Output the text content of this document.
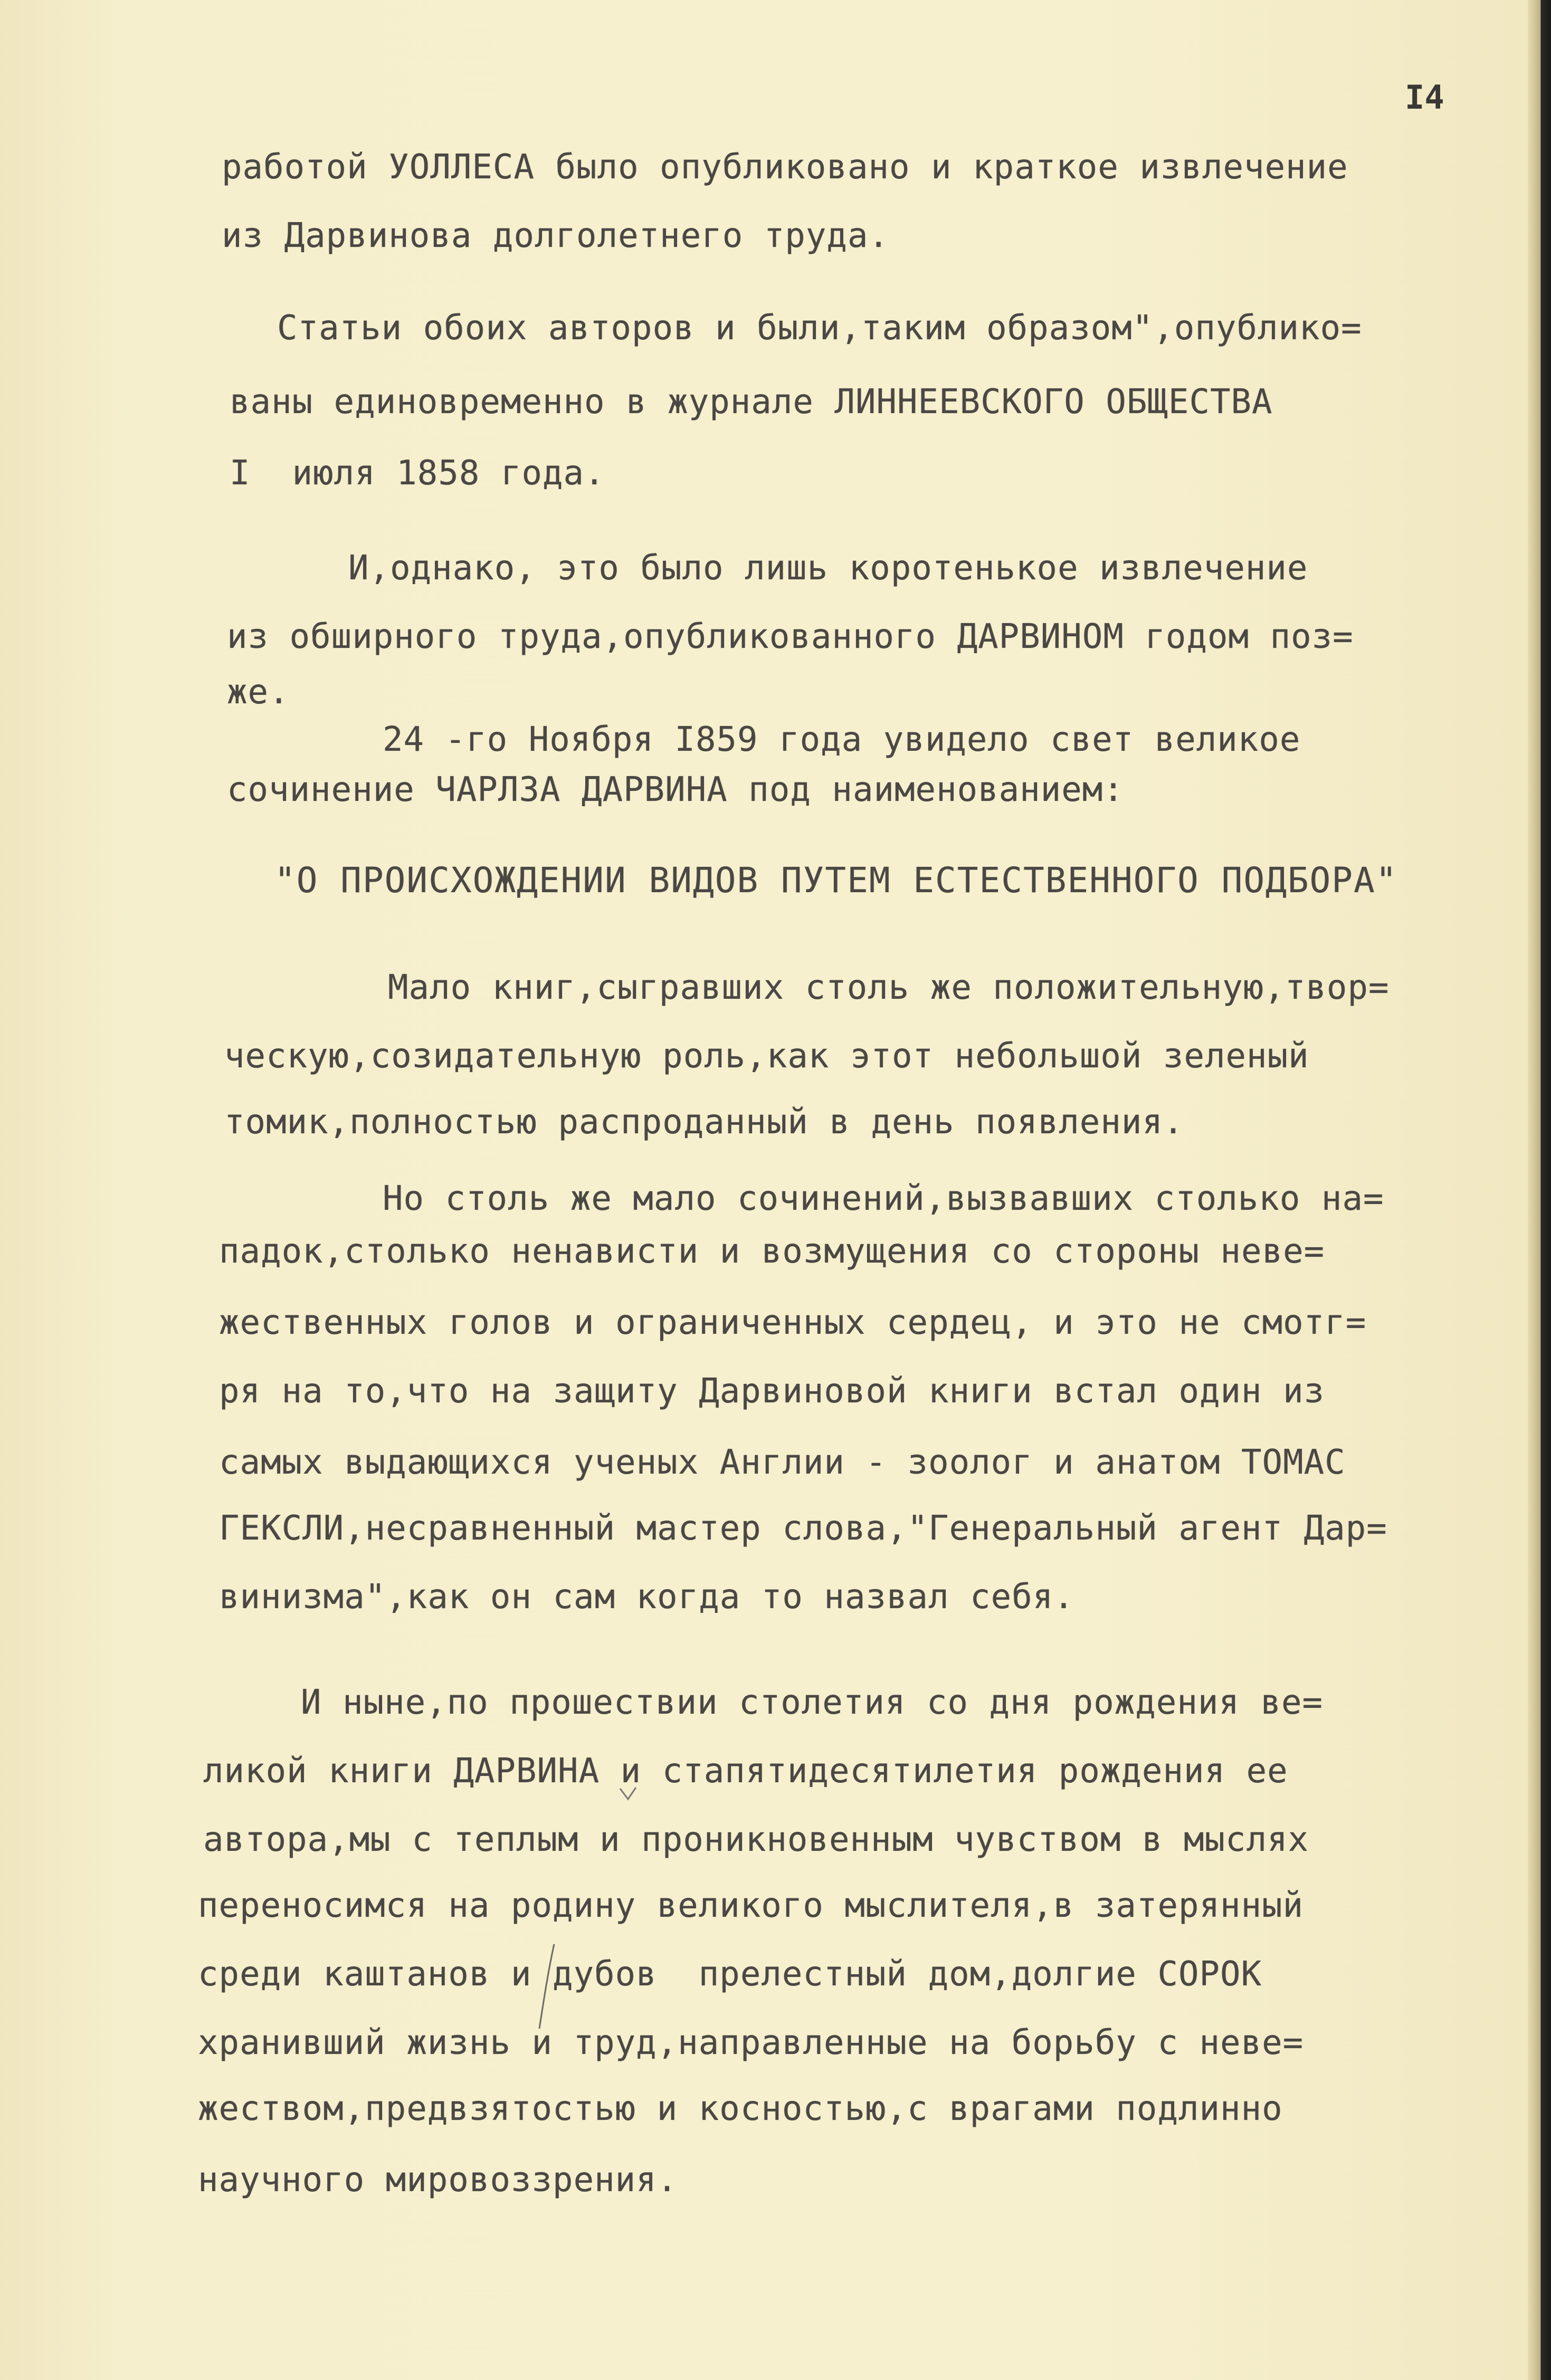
I4
работой УОЛЛЕСА было опубликовано и краткое извлечение
из Дарвинова долголетнего труда.
Статьи обоих авторов и были,таким образом",опублико=
ваны единовременно в журнале ЛИННЕЕВСКОГО ОБЩЕСТВА
I  июля 1858 года.
И,однако, это было лишь коротенькое извлечение
из обширного труда,опубликованного ДАРВИНОМ годом поз=
же.
24 -го Ноября I859 года увидело свет великое
сочинение ЧАРЛЗА ДАРВИНА под наименованием:
"О ПРОИСХОЖДЕНИИ ВИДОВ ПУТЕМ ЕСТЕСТВЕННОГО ПОДБОРА"
Мало книг,сыгравших столь же положительную,твор=
ческую,созидательную роль,как этот небольшой зеленый
томик,полностью распроданный в день появления.
Но столь же мало сочинений,вызвавших столько на=
падок,столько ненависти и возмущения со стороны неве=
жественных голов и ограниченных сердец, и это не смотг=
ря на то,что на защиту Дарвиновой книги встал один из
самых выдающихся ученых Англии - зоолог и анатом ТОМАС
ГЕКСЛИ,несравненный мастер слова,"Генеральный агент Дар=
винизма",как он сам когда то назвал себя.
И ныне,по прошествии столетия со дня рождения ве=
ликой книги ДАРВИНА и стапятидесятилетия рождения ее
автора,мы с теплым и проникновенным чувством в мыслях
переносимся на родину великого мыслителя,в затерянный
среди каштанов и дубов  прелестный дом,долгие СОРОК
хранивший жизнь и труд,направленные на борьбу с неве=
жеством,предвзятостью и косностью,с врагами подлинно
научного мировоззрения.
